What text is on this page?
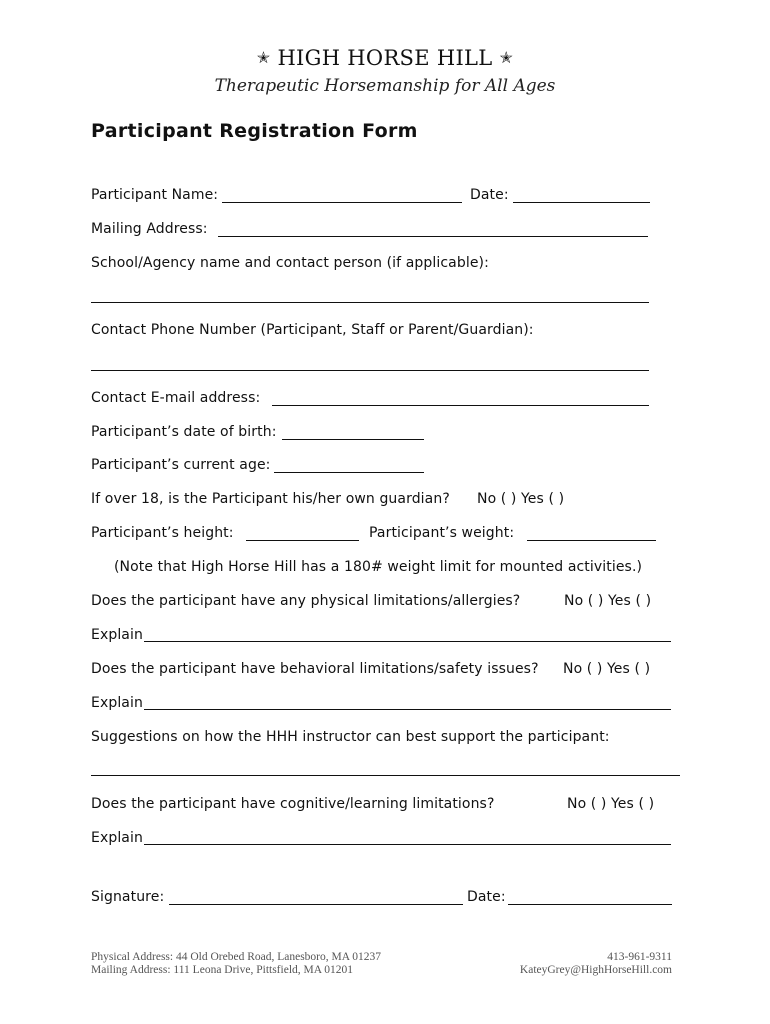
✭ HIGH HORSE HILL ✭
Therapeutic Horsemanship for All Ages
Participant Registration Form
Participant Name:	Date:
Mailing Address:
School/Agency name and contact person (if applicable):
Contact Phone Number (Participant, Staff or Parent/Guardian):
Contact E-mail address:
Participant’s date of birth:
Participant’s current age:
If over 18, is the Participant his/her own guardian? No ( ) Yes ( )
Participant’s height:	Participant’s weight:
(Note that High Horse Hill has a 180# weight limit for mounted activities.)
Does the participant have any physical limitations/allergies?	No ( ) Yes ( )
Explain
Does the participant have behavioral limitations/safety issues? No ( ) Yes ( )
Explain
Suggestions on how the HHH instructor can best support the participant:
Does the participant have cognitive/learning limitations?	No ( ) Yes ( )
Explain
Signature:	Date:
Physical Address: 44 Old Orebed Road, Lanesboro, MA 01237
Mailing Address: 111 Leona Drive, Pittsfield, MA 01201
413-961-9311
KateyGrey@HighHorseHill.com
